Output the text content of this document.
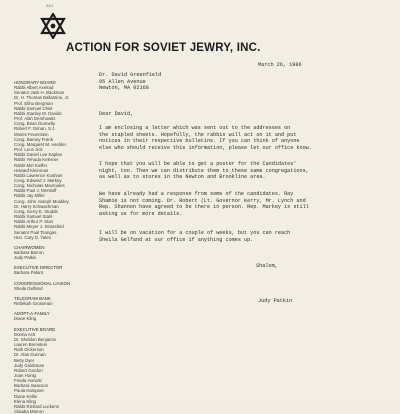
ASJ
ACTION FOR SOVIET JEWRY, INC.
HONORARY BOARD
Rabbi Albert Axelrad
Senator Jack H. Backman
Dr. H. Thomas Ballantine, Jr.
Prof. Elihu Bergman
Rabbi Samuel Chiel
Rabbi Stanley M. Davids
Prof. Alan Dershowitz
Cong. Brian Donnelly
Robert F. Drinan, S.J.
Moses Feuerstein
Cong. Barney Frank
Cong. Margaret M. Heckler
Prof. Leon Jick
Rabbi Daniel Lee Kaplan
Rabbi Yehuda Kelemer
Rabbi Mel Kieffer
Howard Kleinman
Rabbi Lawrence Kushner
Cong. Edward J. Markey
Cong. Nicholas Mavroules
Rabbi Paul J. Menitoff
Rabbi Jay Miller
Cong. John Joseph Moakley
Dr. Harry Schwachman
Cong. Gerry E. Studds
Rabbi Samuel Stahl
Rabbi Arthur P. Starr
Rabbi Meyer J. Strassfeld
Senator Paul Tsongas
Hon. Cary D. Yates
CHAIRWOMEN
Barbara Barron
Judy Patkin
EXECUTIVE DIRECTOR
Barbara Palant
CONGRESSIONAL LIAISON
Sheila Gelfand
TELEGRAM BANK
Rebekah Grossman
ADOPT-A-FAMILY
Diane Kling
EXECUTIVE BOARD
Donna Arzt
Dr. Sheldon Benjamin
Lauren Bernstein
Ruth Dickerson
Dr. Alan Dunnan
Betty Dyer
Judy Goldsman
Robert Gordon
Joan Honig
Frieda Horwitz
Barbara Isaacson
Paula Kampner
Diane Kellin
Elena Kling
Rabbi Richard Luckens
Claudia Marron
March 26, 1986
Dr. David Greenfield
95 Allen Avenue
Newton, MA 02168
Dear David,
I am enclosing a letter which was sent out to the addresses on
the stapled sheets. Hopefully, the rabbis will act on it and put
notices in their respective bulletins. If you can think of anyone
else who should receive this information, please let our office know.
I hope that you will be able to get a poster for the Candidates'
night, too. Then we can distribute them to these same congregations,
as well as to stores in the Newton and Brookline area.
We have already had a response from some of the candidates. Ray
Shamie is not coming. Dr. Robert (Lt. Governor Kerry, Mr. Lynch and
Rep. Shannon have agreed to be there in person. Rep. Markey is still
asking us for more details.
I will be on vacation for a couple of weeks, but you can reach
Sheila Gelfand at our office if anything comes up.
Shalom,
Judy Patkin
